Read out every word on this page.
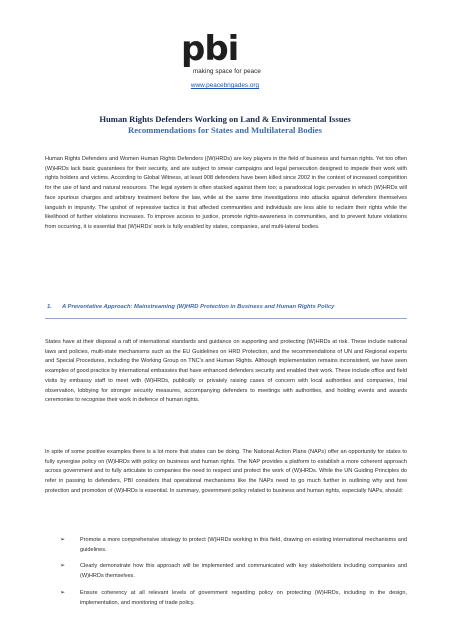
pbi
making space for peace
www.peacebrigades.org
Human Rights Defenders Working on Land & Environmental Issues
Recommendations for States and Multilateral Bodies

Human Rights Defenders and Women Human Rights Defenders ((W)HRDs) are key players in the field of business and human rights. Yet too often (W)HRDs lack basic guarantees for their security, and are subject to smear campaigns and legal persecution designed to impede their work with rights holders and victims. According to Global Witness, at least 908 defenders have been killed since 2002 in the context of increased competition for the use of land and natural resources. The legal system is often stacked against them too; a paradoxical logic pervades in which (W)HRDs will face spurious charges and arbitrary treatment before the law, while at the same time investigations into attacks against defenders themselves languish in impunity. The upshot of repressive tactics is that affected communities and individuals are less able to reclaim their rights while the likelihood of further violations increases. To improve access to justice, promote rights-awareness in communities, and to prevent future violations from occurring, it is essential that (W)HRDs' work is fully enabled by states, companies, and multi-lateral bodies.

1. A Preventative Approach: Mainstreaming (W)HRD Protection in Business and Human Rights Policy

States have at their disposal a raft of international standards and guidance on supporting and protecting (W)HRDs at risk. These include national laws and policies, multi-state mechanisms such as the EU Guidelines on HRD Protection, and the recommendations of UN and Regional experts and Special Procedures, including the Working Group on TNC's and Human Rights. Although implementation remains inconsistent, we have seen examples of good practice by international embassies that have enhanced defenders security and enabled their work. These include office and field visits by embassy staff to meet with (W)HRDs, publically or privately raising cases of concern with local authorities and companies, trial observation, lobbying for stronger security measures, accompanying defenders to meetings with authorities, and holding events and awards ceremonies to recognise their work in defence of human rights.

In spite of some positive examples there is a lot more that states can be doing. The National Action Plans (NAPs) offer an opportunity for states to fully synergise policy on (W)HRDs with policy on business and human rights. The NAP provides a platform to establish a more coherent approach across government and to fully articulate to companies the need to respect and protect the work of (W)HRDs. While the UN Guiding Principles do refer in passing to defenders, PBI considers that operational mechanisms like the NAPs need to go much further in outlining why and how protection and promotion of (W)HRDs is essential. In summary, government policy related to business and human rights, especially NAPs, should:

➢	Promote a more comprehensive strategy to protect (W)HRDs working in this field, drawing on existing international mechanisms and guidelines.
➢	Clearly demonstrate how this approach will be implemented and communicated with key stakeholders including companies and (W)HRDs themselves.
➢	Ensure coherency at all relevant levels of government regarding policy on protecting (W)HRDs, including in the design, implementation, and monitoring of trade policy.
